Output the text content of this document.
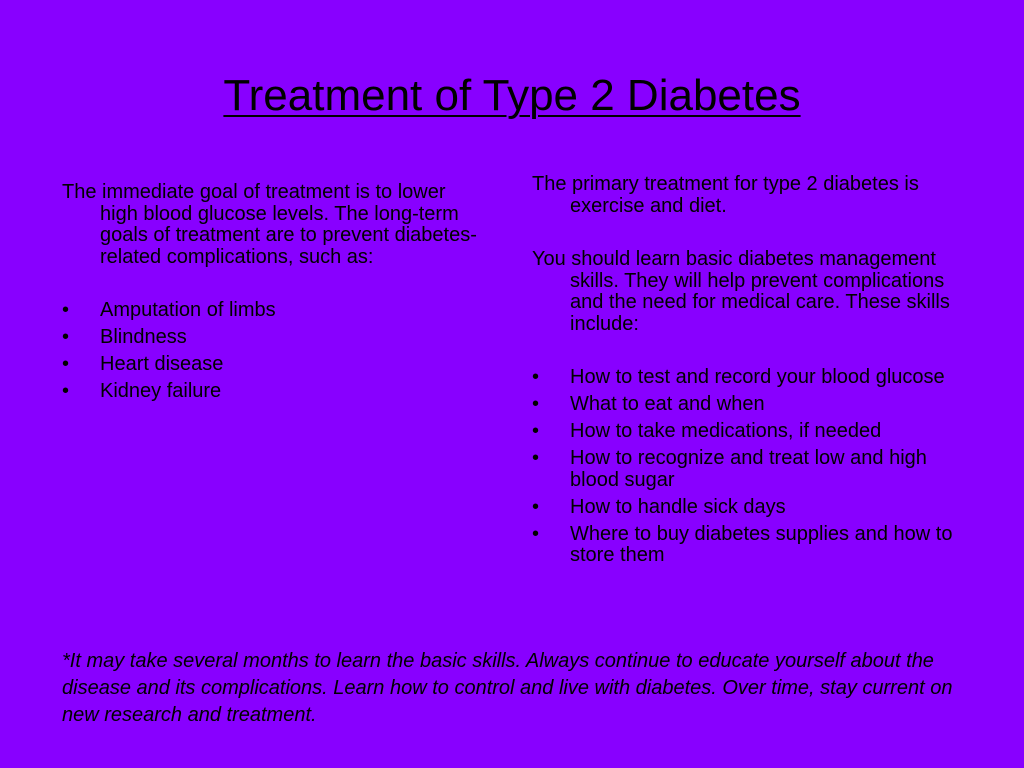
Treatment of Type 2 Diabetes

The immediate goal of treatment is to lower high blood glucose levels. The long-term goals of treatment are to prevent diabetes-related complications, such as:

• Amputation of limbs
• Blindness
• Heart disease
• Kidney failure

The primary treatment for type 2 diabetes is exercise and diet.

You should learn basic diabetes management skills. They will help prevent complications and the need for medical care. These skills include:

• How to test and record your blood glucose
• What to eat and when
• How to take medications, if needed
• How to recognize and treat low and high blood sugar
• How to handle sick days
• Where to buy diabetes supplies and how to store them

*It may take several months to learn the basic skills. Always continue to educate yourself about the disease and its complications. Learn how to control and live with diabetes. Over time, stay current on new research and treatment.
